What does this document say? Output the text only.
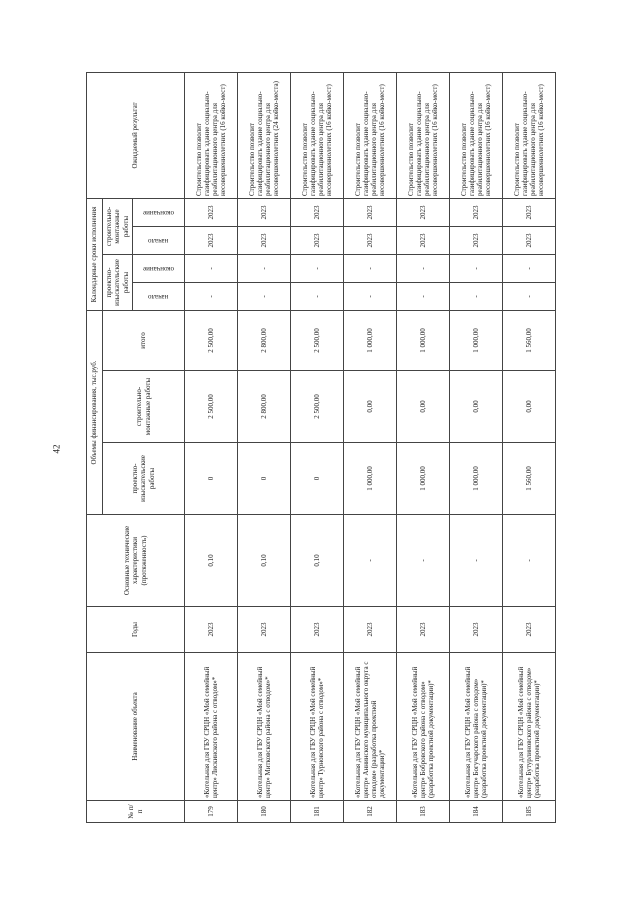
42
№ п/п	Наименование объекта	Годы	Основные технические характеристики (протяженность)	Объемы финансирования, тыс.руб.			Календарные сроки исполнения				Ожидаемый результат
				проектно-изыскательские работы	строительно-монтажные работы	итого	проектно-изыскательские работы		строительно-монтажные работы		

							начало	окончание	начало	окончание	

179	«Котельная для ГБУ СРЦН «Мой семейный центр» Лискинского района с отводом»*	2023	0,10	0	2 500,00	2 500,00	-	-	2023	2023	Строительство позволит газифицировать здание социально-реабилитационного центра для несовершеннолетних (16 койко-мест)
180	«Котельная для ГБУ СРЦН «Мой семейный центр» Митковского района с отводом»*	2023	0,10	0	2 800,00	2 800,00	-	-	2023	2023	Строительство позволит газифицировать здание социально-реабилитационного центра для несовершеннолетних (24 койко-места)
181	«Котельная для ГБУ СРЦН «Мой семейный центр» Турновского района с отводом»*	2023	0,10	0	2 500,00	2 500,00	-	-	2023	2023	Строительство позволит газифицировать здание социально-реабилитационного центра для несовершеннолетних (16 койко-мест)
182	«Котельная для ГБУ СРЦН «Мой семейный центр» Аннинского муниципального округа с отводом» (разработка проектной документации)*	2023	-	1 000,00	0,00	1 000,00	-	-	2023	2023	Строительство позволит газифицировать здание социально-реабилитационного центра для несовершеннолетних (16 койко-мест)
183	«Котельная для ГБУ СРЦН «Мой семейный центр» Бобровского района с отводом» (разработка проектной документации)*	2023	-	1 000,00	0,00	1 000,00	-	-	2023	2023	Строительство позволит газифицировать здание социально-реабилитационного центра для несовершеннолетних (16 койко-мест)
184	«Котельная для ГБУ СРЦН «Мой семейный центр» Богучарского района с отводом» (разработка проектной документации)*	2023	-	1 000,00	0,00	1 000,00	-	-	2023	2023	Строительство позволит газифицировать здание социально-реабилитационного центра для несовершеннолетних (16 койко-мест)
185	«Котельная для ГБУ СРЦН «Мой семейный центр» Бутурлиновского района с отводом» (разработка проектной документации)*	2023	-	1 560,00	0,00	1 560,00	-	-	2023	2023	Строительство позволит газифицировать здание социально-реабилитационного центра для несовершеннолетних (16 койко-мест)
